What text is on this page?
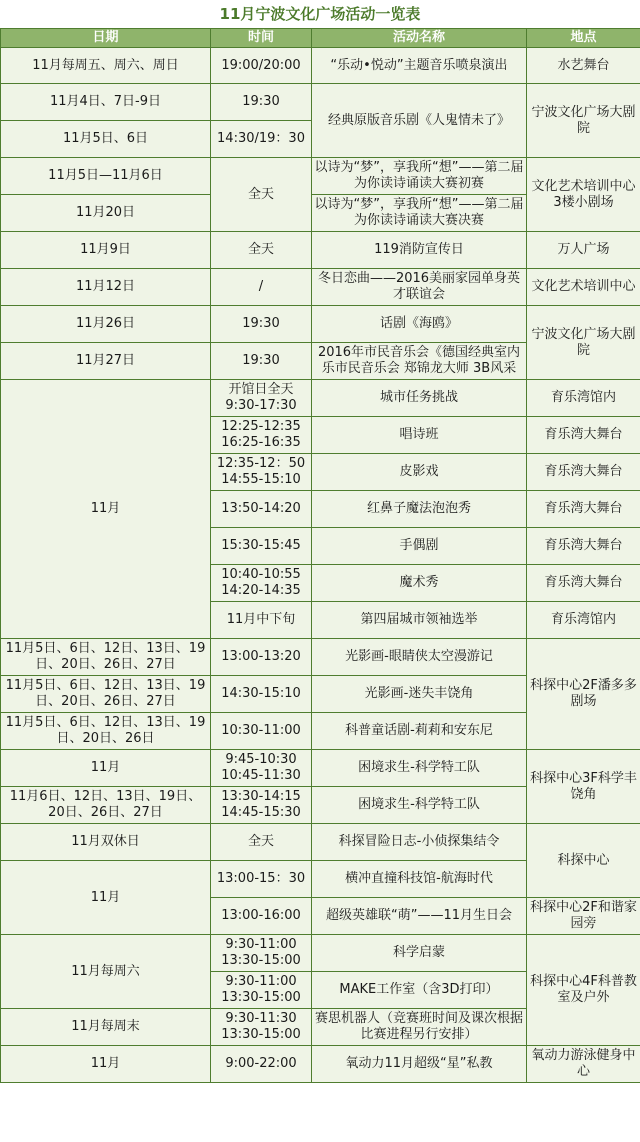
11月宁波文化广场活动一览表
日期	时间	活动名称	地点
11月每周五、周六、周日	19:00/20:00	“乐动•悦动”主题音乐喷泉演出	水艺舞台
11月4日、7日-9日	19:30	经典原版音乐剧《人鬼情未了》	宁波文化广场大剧院
11月5日、6日	14:30/19：30		
11月5日—11月6日	全天	以诗为“梦”，享我所“想”——第二届为你读诗诵读大赛初赛	文化艺术培训中心3楼小剧场
11月20日		以诗为“梦”，享我所“想”——第二届为你读诗诵读大赛决赛	
11月9日	全天	119消防宣传日	万人广场
11月12日	/	冬日恋曲——2016美丽家园单身英才联谊会	文化艺术培训中心
11月26日	19:30	话剧《海鸥》	宁波文化广场大剧院
11月27日	19:30	2016年市民音乐会《德国经典室内乐市民音乐会 郑锦龙大师 3B风采	
11月	开馆日全天 9:30-17:30	城市任务挑战	育乐湾馆内
	12:25-12:35 16:25-16:35	唱诗班	育乐湾大舞台
	12:35-12：50 14:55-15:10	皮影戏	育乐湾大舞台
	13:50-14:20	红鼻子魔法泡泡秀	育乐湾大舞台
	15:30-15:45	手偶剧	育乐湾大舞台
	10:40-10:55 14:20-14:35	魔术秀	育乐湾大舞台
	11月中下旬	第四届城市领袖选举	育乐湾馆内
11月5日、6日、12日、13日、19日、20日、26日、27日	13:00-13:20	光影画-眼睛侠太空漫游记	科探中心2F潘多多剧场
11月5日、6日、12日、13日、19日、20日、26日、27日	14:30-15:10	光影画-迷失丰饶角	
11月5日、6日、12日、13日、19日、20日、26日	10:30-11:00	科普童话剧-莉莉和安东尼	
11月	9:45-10:30 10:45-11:30	困境求生-科学特工队	科探中心3F科学丰饶角
11月6日、12日、13日、19日、20日、26日、27日	13:30-14:15 14:45-15:30	困境求生-科学特工队	
11月双休日	全天	科探冒险日志-小侦探集结令	科探中心
11月	13:00-15：30	横冲直撞科技馆-航海时代	
	13:00-16:00	超级英雄联“萌”——11月生日会	科探中心2F和谐家园旁
11月每周六	9:30-11:00 13:30-15:00	科学启蒙	科探中心4F科普教室及户外
	9:30-11:00 13:30-15:00	MAKE工作室（含3D打印）	
11月每周末	9:30-11:30 13:30-15:00	赛思机器人（竞赛班时间及课次根据比赛进程另行安排）	
11月	9:00-22:00	氧动力11月超级“星”私教	氧动力游泳健身中心
